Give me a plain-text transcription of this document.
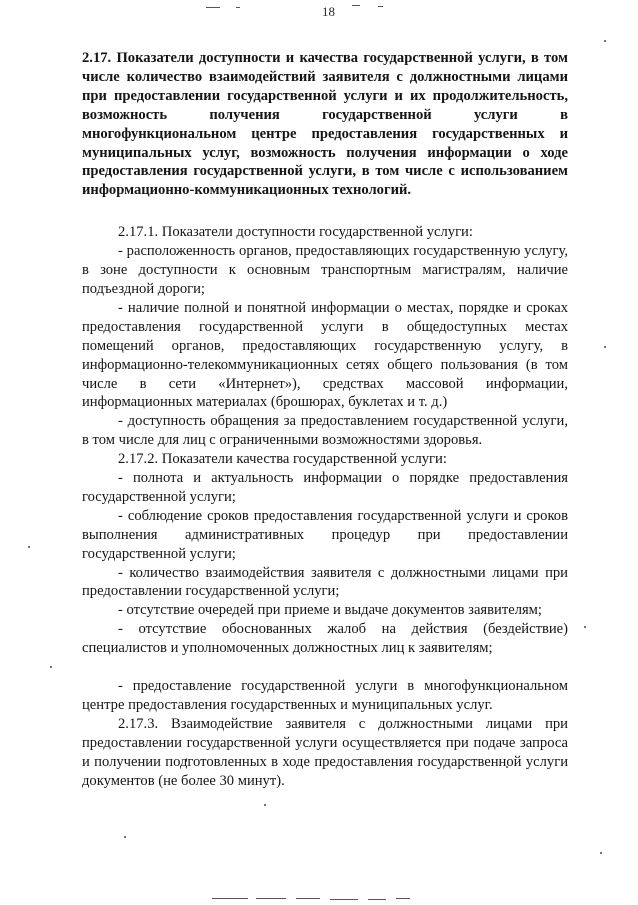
18

2.17. Показатели доступности и качества государственной услуги, в том числе количество взаимодействий заявителя с должностными лицами при предоставлении государственной услуги и их продолжительность, возможность получения государственной услуги в многофункциональном центре предоставления государственных и муниципальных услуг, возможность получения информации о ходе предоставления государственной услуги, в том числе с использованием информационно-коммуникационных технологий.

2.17.1. Показатели доступности государственной услуги:

- расположенность органов, предоставляющих государственную услугу, в зоне доступности к основным транспортным магистралям, наличие подъездной дороги;

- наличие полной и понятной информации о местах, порядке и сроках предоставления государственной услуги в общедоступных местах помещений органов, предоставляющих государственную услугу, в информационно-телекоммуникационных сетях общего пользования (в том числе в сети «Интернет»), средствах массовой информации, информационных материалах (брошюрах, буклетах и т. д.)

- доступность обращения за предоставлением государственной услуги, в том числе для лиц с ограниченными возможностями здоровья.

2.17.2. Показатели качества государственной услуги:

- полнота и актуальность информации о порядке предоставления государственной услуги;

- соблюдение сроков предоставления государственной услуги и сроков выполнения административных процедур при предоставлении государственной услуги;

- количество взаимодействия заявителя с должностными лицами при предоставлении государственной услуги;

- отсутствие очередей при приеме и выдаче документов заявителям;

- отсутствие обоснованных жалоб на действия (бездействие) специалистов и уполномоченных должностных лиц к заявителям;

- предоставление государственной услуги в многофункциональном центре предоставления государственных и муниципальных услуг.

2.17.3. Взаимодействие заявителя с должностными лицами при предоставлении государственной услуги осуществляется при подаче запроса и получении подготовленных в ходе предоставления государственной услуги документов (не более 30 минут).
